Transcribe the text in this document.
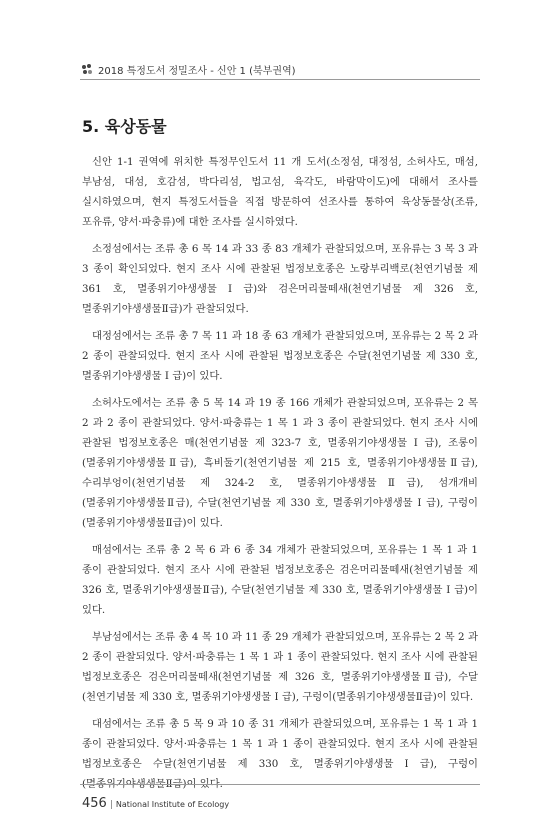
2018 특정도서 정밀조사 - 신안 1 (북부권역)
5. 육상동물

신안 1-1 권역에 위치한 특정무인도서 11 개 도서(소정섬, 대정섬, 소허사도, 매섬, 부남섬, 대섬, 호감섬, 박다리섬, 법고섬, 육각도, 바람막이도)에 대해서 조사를 실시하였으며, 현지 특정도서들을 직접 방문하여 선조사를 통하여 육상동물상(조류, 포유류, 양서·파충류)에 대한 조사를 실시하였다.

소정섬에서는 조류 총 6 목 14 과 33 종 83 개체가 관찰되었으며, 포유류는 3 목 3 과 3 종이 확인되었다. 현지 조사 시에 관찰된 법정보호종은 노랑부리백로(천연기념물 제 361 호, 멸종위기야생생물 I 급)와 검은머리물떼새(천연기념물 제 326 호, 멸종위기야생생물Ⅱ급)가 관찰되었다.

대정섬에서는 조류 총 7 목 11 과 18 종 63 개체가 관찰되었으며, 포유류는 2 목 2 과 2 종이 관찰되었다. 현지 조사 시에 관찰된 법정보호종은 수달(천연기념물 제 330 호, 멸종위기야생생물 I 급)이 있다.

소허사도에서는 조류 총 5 목 14 과 19 종 166 개체가 관찰되었으며, 포유류는 2 목 2 과 2 종이 관찰되었다. 양서·파충류는 1 목 1 과 3 종이 관찰되었다. 현지 조사 시에 관찰된 법정보호종은 매(천연기념물 제 323-7 호, 멸종위기야생생물 I 급), 조롱이(멸종위기야생생물Ⅱ급), 흑비둘기(천연기념물 제 215 호, 멸종위기야생생물Ⅱ급), 수리부엉이(천연기념물 제 324-2 호, 멸종위기야생생물Ⅱ급), 섬개개비(멸종위기야생생물Ⅱ급), 수달(천연기념물 제 330 호, 멸종위기야생생물 I 급), 구렁이(멸종위기야생생물Ⅱ급)이 있다.

매섬에서는 조류 총 2 목 6 과 6 종 34 개체가 관찰되었으며, 포유류는 1 목 1 과 1 종이 관찰되었다. 현지 조사 시에 관찰된 법정보호종은 검은머리물떼새(천연기념물 제 326 호, 멸종위기야생생물Ⅱ급), 수달(천연기념물 제 330 호, 멸종위기야생생물 I 급)이 있다.

부남섬에서는 조류 총 4 목 10 과 11 종 29 개체가 관찰되었으며, 포유류는 2 목 2 과 2 종이 관찰되었다. 양서·파충류는 1 목 1 과 1 종이 관찰되었다. 현지 조사 시에 관찰된 법정보호종은 검은머리물떼새(천연기념물 제 326 호, 멸종위기야생생물Ⅱ급), 수달(천연기념물 제 330 호, 멸종위기야생생물 I 급), 구렁이(멸종위기야생생물Ⅱ급)이 있다.

대섬에서는 조류 총 5 목 9 과 10 종 31 개체가 관찰되었으며, 포유류는 1 목 1 과 1 종이 관찰되었다. 양서·파충류는 1 목 1 과 1 종이 관찰되었다. 현지 조사 시에 관찰된 법정보호종은 수달(천연기념물 제 330 호, 멸종위기야생생물 I 급), 구렁이(멸종위기야생생물Ⅱ급)이 있다.

456 | National Institute of Ecology
